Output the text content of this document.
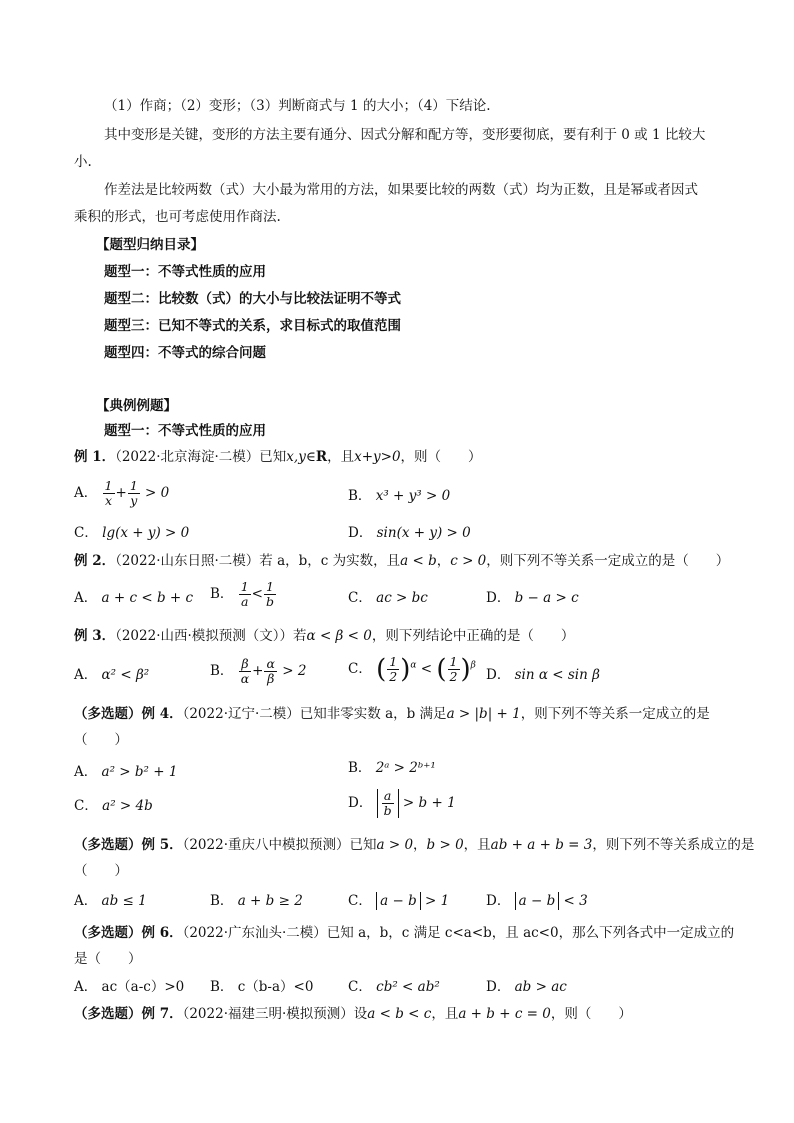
（1）作商；（2）变形；（3）判断商式与 1 的大小；（4）下结论.
其中变形是关键，变形的方法主要有通分、因式分解和配方等，变形要彻底，要有利于 0 或 1 比较大
小.
作差法是比较两数（式）大小最为常用的方法，如果要比较的两数（式）均为正数，且是幂或者因式
乘积的形式，也可考虑使用作商法.
【题型归纳目录】
题型一：不等式性质的应用
题型二：比较数（式）的大小与比较法证明不等式
题型三：已知不等式的关系，求目标式的取值范围
题型四：不等式的综合问题
【典例例题】
题型一：不等式性质的应用
例 1．（2022·北京海淀·二模）已知x,y∈R，且x+y>0，则（　　）
A． $\frac{1}{x} + \frac{1}{y} > 0$	B． x³ + y³ > 0
C． lg(x + y) > 0	D． sin(x + y) > 0
例 2．（2022·山东日照·二模）若 a，b，c 为实数，且a < b，c > 0，则下列不等关系一定成立的是（　　）
A． a + c < b + c B． $\frac{1}{a} < \frac{1}{b}$	C． ac > bc	D． b − a > c
例 3．（2022·山西·模拟预测（文））若α < β < 0，则下列结论中正确的是（　　）
A． α² < β²	B． $\frac{\beta}{\alpha} + \frac{\alpha}{\beta} > 2$	C． ( $\frac{1}{2} )^\alpha$ < ( $\frac{1}{2} )^\beta$
D． sin α < sin β
（多选题）例 4．（2022·辽宁·二模）已知非零实数 a，b 满足a > |b| + 1，则下列不等关系一定成立的是
（　　）
A． a² > b² + 1	B． 2ᵃ > 2ᵇ⁺¹
C． a² > 4b	D． $\frac{a}{b} > b + 1$
（多选题）例 5．（2022·重庆八中模拟预测）已知a > 0，b > 0，且ab + a + b = 3，则下列不等关系成立的是
（　　）
A． ab ≤ 1	B． a + b ≥ 2	C． a − b > 1	D． a − b < 3
（多选题）例 6．（2022·广东汕头·二模）已知 a，b，c 满足 c<a<b，且 ac<0，那么下列各式中一定成立的
是（　　）
A． ac（a-c）>0 B． c（b-a）<0	C． cb² < ab²	D． ab > ac
（多选题）例 7．（2022·福建三明·模拟预测）设a < b < c，且a + b + c = 0，则（　　）
